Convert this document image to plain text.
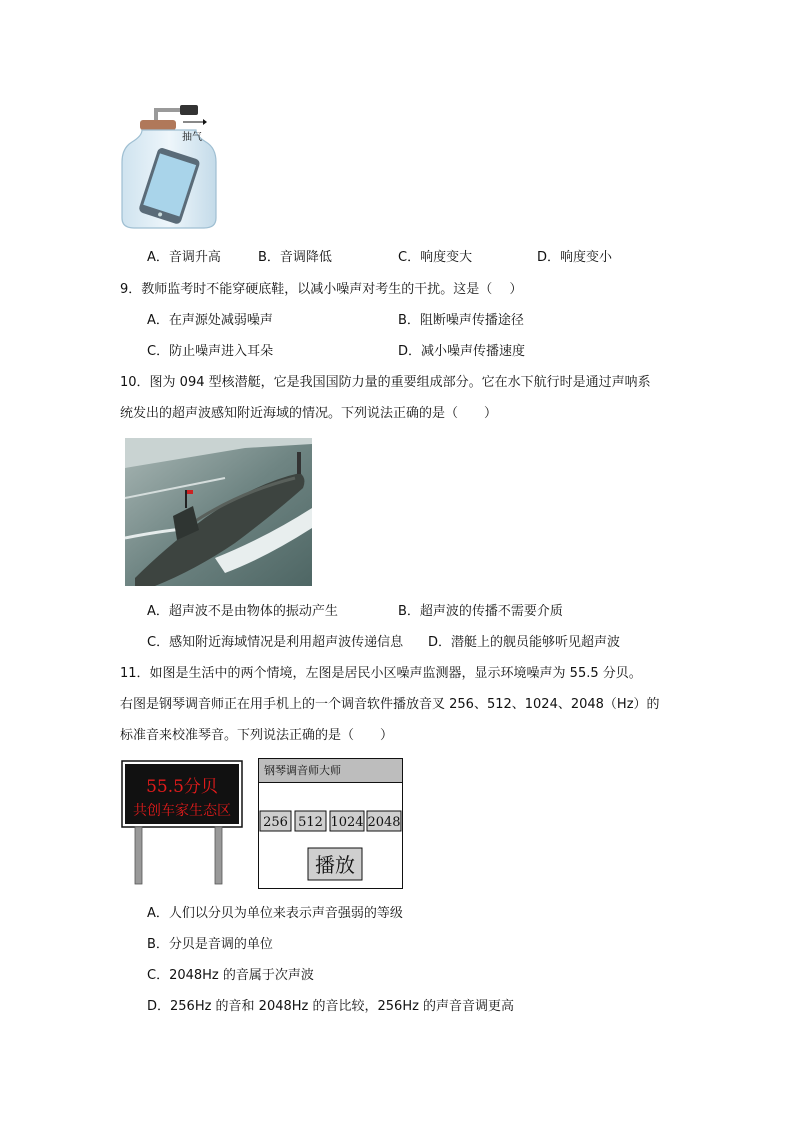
抽气
A．音调升高	B．音调降低	C．响度变大	D．响度变小
9．教师监考时不能穿硬底鞋，以减小噪声对考生的干扰。这是（　 ）
A．在声源处减弱噪声	B．阻断噪声传播途径
C．防止噪声进入耳朵	D．减小噪声传播速度
10．图为 094 型核潜艇，它是我国国防力量的重要组成部分。它在水下航行时是通过声呐系
统发出的超声波感知附近海域的情况。下列说法正确的是（　　）
A．超声波不是由物体的振动产生	B．超声波的传播不需要介质
C．感知附近海域情况是利用超声波传递信息 D．潜艇上的舰员能够听见超声波
11．如图是生活中的两个情境，左图是居民小区噪声监测器，显示环境噪声为 55.5 分贝。
右图是钢琴调音师正在用手机上的一个调音软件播放音叉 256、512、1024、2048（Hz）的
标准音来校准琴音。下列说法正确的是（　　）
55.5分贝
共创车家生态区
钢琴调音师大师
256 512 1024 2048
播放
A．人们以分贝为单位来表示声音强弱的等级
B．分贝是音调的单位
C．2048Hz 的音属于次声波
D．256Hz 的音和 2048Hz 的音比较，256Hz 的声音音调更高
